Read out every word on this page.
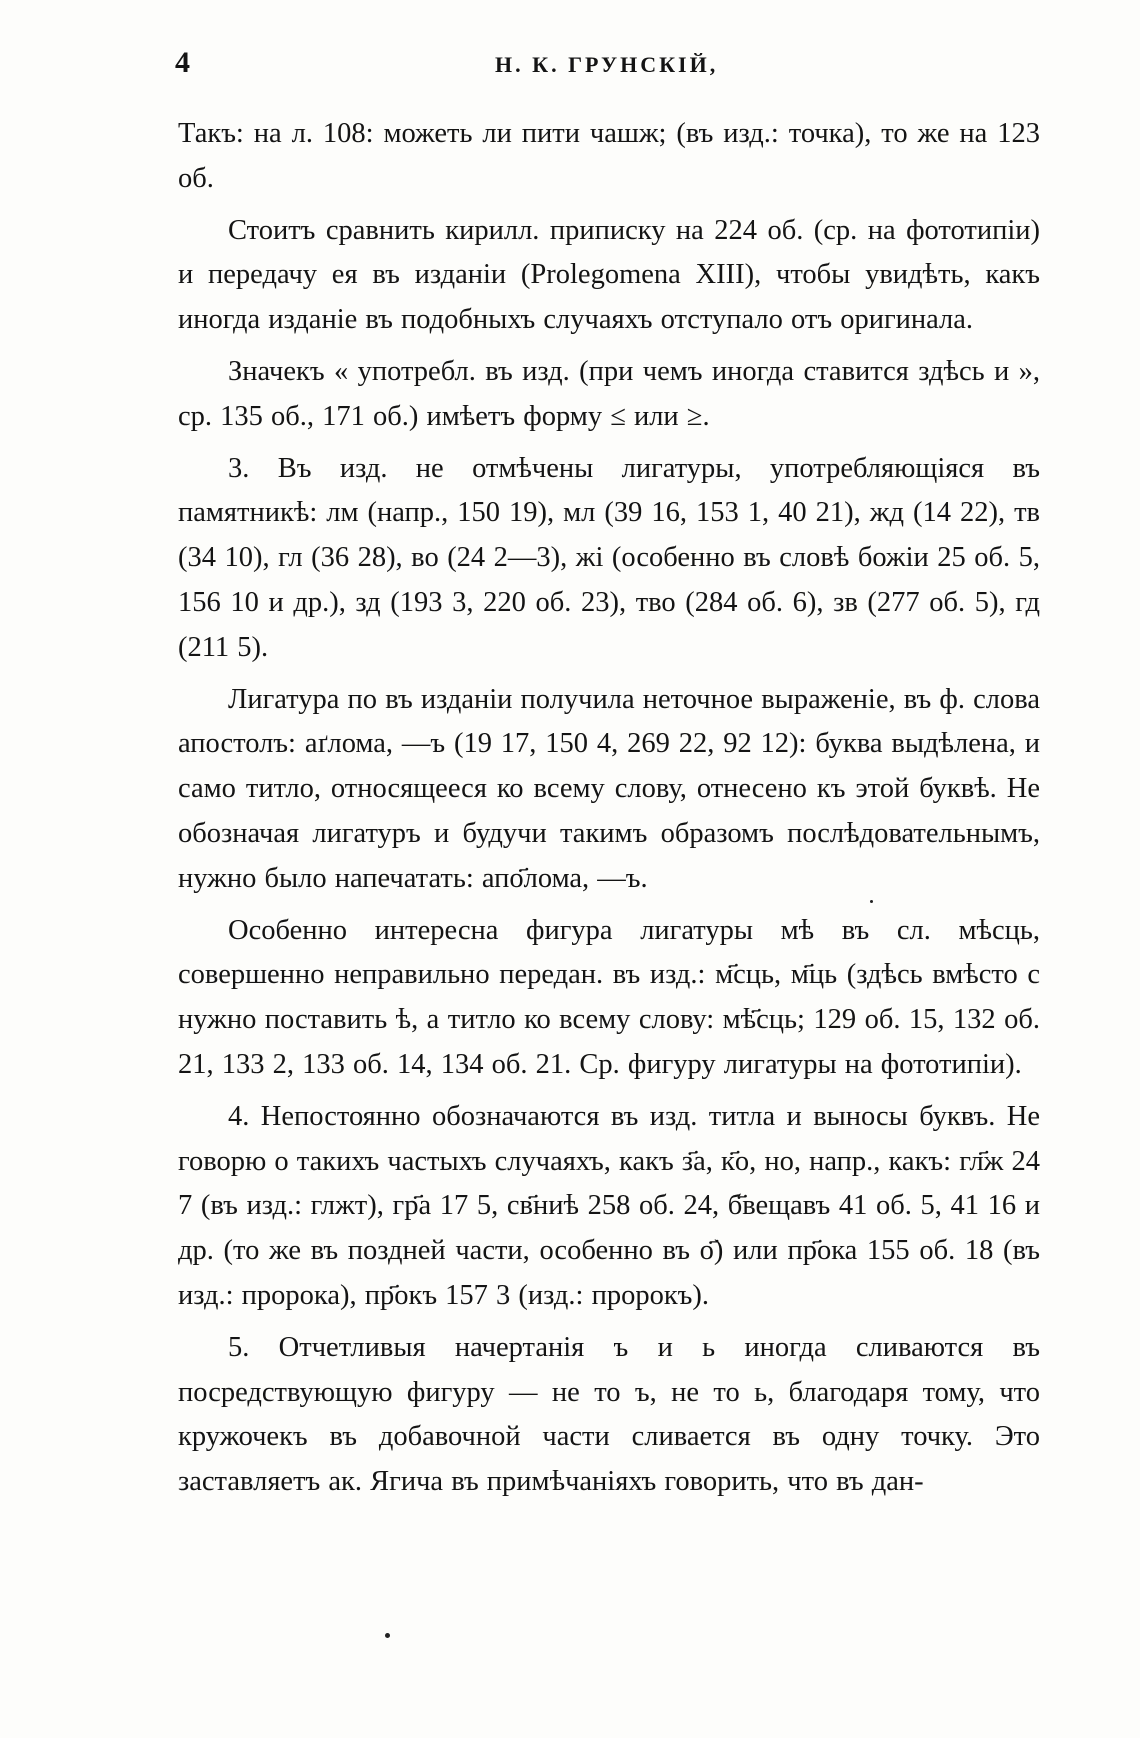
4	Н. К. ГРУНСКІЙ,

Такъ: на л. 108: можеть ли пити чашж; (въ изд.: точка), то же на 123 об.

Стоитъ сравнить кирилл. приписку на 224 об. (ср. на фототипіи) и передачу ея въ изданіи (Prolegomena XIII), чтобы увидѣть, какъ иногда изданіе въ подобныхъ случаяхъ отступало отъ оригинала.

Значекъ « употребл. въ изд. (при чемъ иногда ставится здѣсь и », ср. 135 об., 171 об.) имѣетъ форму ≤ или ≥.

3. Въ изд. не отмѣчены лигатуры, употребляющіяся въ памятникѣ: лм (напр., 150 19), мл (39 16, 153 1, 40 21), жд (14 22), тв (34 10), гл (36 28), во (24 2—3), жі (особенно въ словѣ божіи 25 об. 5, 156 10 и др.), зд (193 3, 220 об. 23), тво (284 об. 6), зв (277 об. 5), гд (211 5).

Лигатура по въ изданіи получила неточное выраженіе, въ ф. слова апостолъ: аґлома, —ъ (19 17, 150 4, 269 22, 92 12): буква выдѣлена, и само титло, относящееся ко всему слову, отнесено къ этой буквѣ. Не обозначая лигатуръ и будучи такимъ образомъ послѣдовательнымъ, нужно было напечатать: апо҃лома, —ъ.

Особенно интересна фигура лигатуры мѣ въ сл. мѣсць, совершенно неправильно передан. въ изд.: м҃сць, м҃ць (здѣсь вмѣсто с нужно поставить ѣ, а титло ко всему слову: мѣ҃сць; 129 об. 15, 132 об. 21, 133 2, 133 об. 14, 134 об. 21. Ср. фигуру лигатуры на фототипіи).

4. Непостоянно обозначаются въ изд. титла и выносы буквъ. Не говорю о такихъ частыхъ случаяхъ, какъ з҃а, к҃о, но, напр., какъ: гл҃ж 24 7 (въ изд.: глжт), гр҃а 17 5, св҃ниѣ 258 об. 24, б҃вещавъ 41 об. 5, 41 16 и др. (то же въ поздней части, особенно въ о҃) или пр҃ока 155 об. 18 (въ изд.: пророка), пр҃окъ 157 3 (изд.: пророкъ).

5. Отчетливыя начертанія ъ и ь иногда сливаются въ посредствующую фигуру — не то ъ, не то ь, благодаря тому, что кружочекъ въ добавочной части сливается въ одну точку. Это заставляетъ ак. Ягича въ примѣчаніяхъ говорить, что въ дан-
